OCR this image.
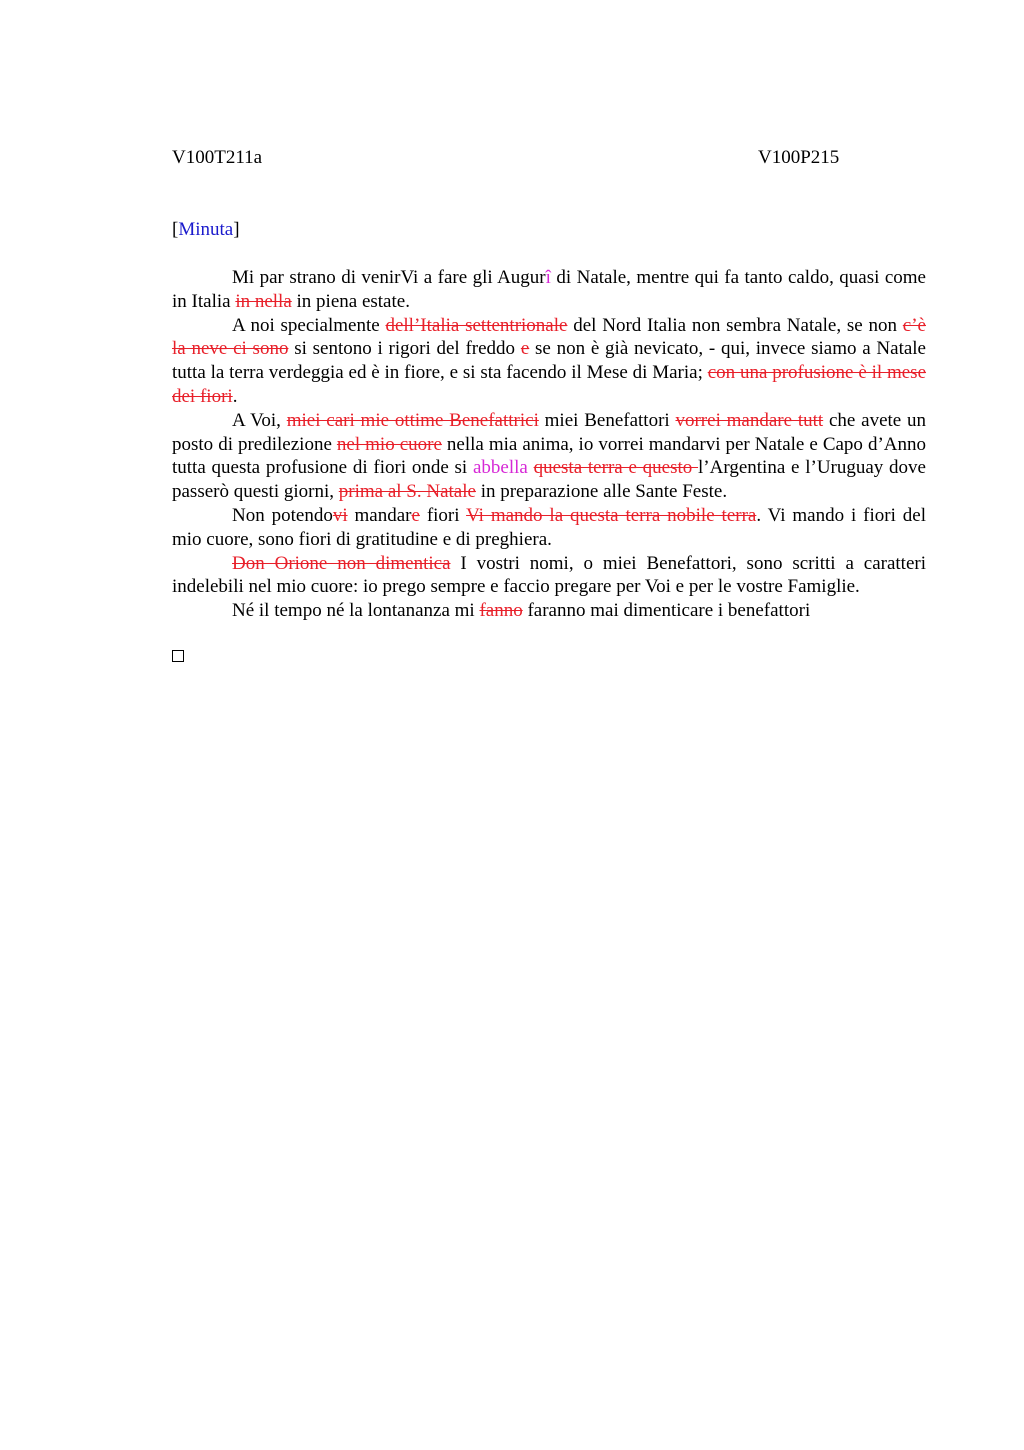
V100T211a	V100P215
[Minuta]

Mi par strano di venirVi a fare gli Augurî di Natale, mentre qui fa tanto caldo, quasi come in Italia in nella in piena estate.

A noi specialmente dell’Italia settentrionale del Nord Italia non sembra Natale, se non c’è la neve ci sono si sentono i rigori del freddo e se non è già nevicato, - qui, invece siamo a Natale tutta la terra verdeggia ed è in fiore, e si sta facendo il Mese di Maria; con una profusione è il mese dei fiori.

A Voi, miei cari mie ottime Benefattrici miei Benefattori vorrei mandare tutt che avete un posto di predilezione nel mio cuore nella mia anima, io vorrei mandarvi per Natale e Capo d’Anno tutta questa profusione di fiori onde si abbella questa terra e questo l’Argentina e l’Uruguay dove passerò questi giorni, prima al S. Natale in preparazione alle Sante Feste.

Non potendovi mandare fiori Vi mando la questa terra nobile terra. Vi mando i fiori del mio cuore, sono fiori di gratitudine e di preghiera.

Don Orione non dimentica I vostri nomi, o miei Benefattori, sono scritti a caratteri indelebili nel mio cuore: io prego sempre e faccio pregare per Voi e per le vostre Famiglie.

Né il tempo né la lontananza mi fanno faranno mai dimenticare i benefattori
